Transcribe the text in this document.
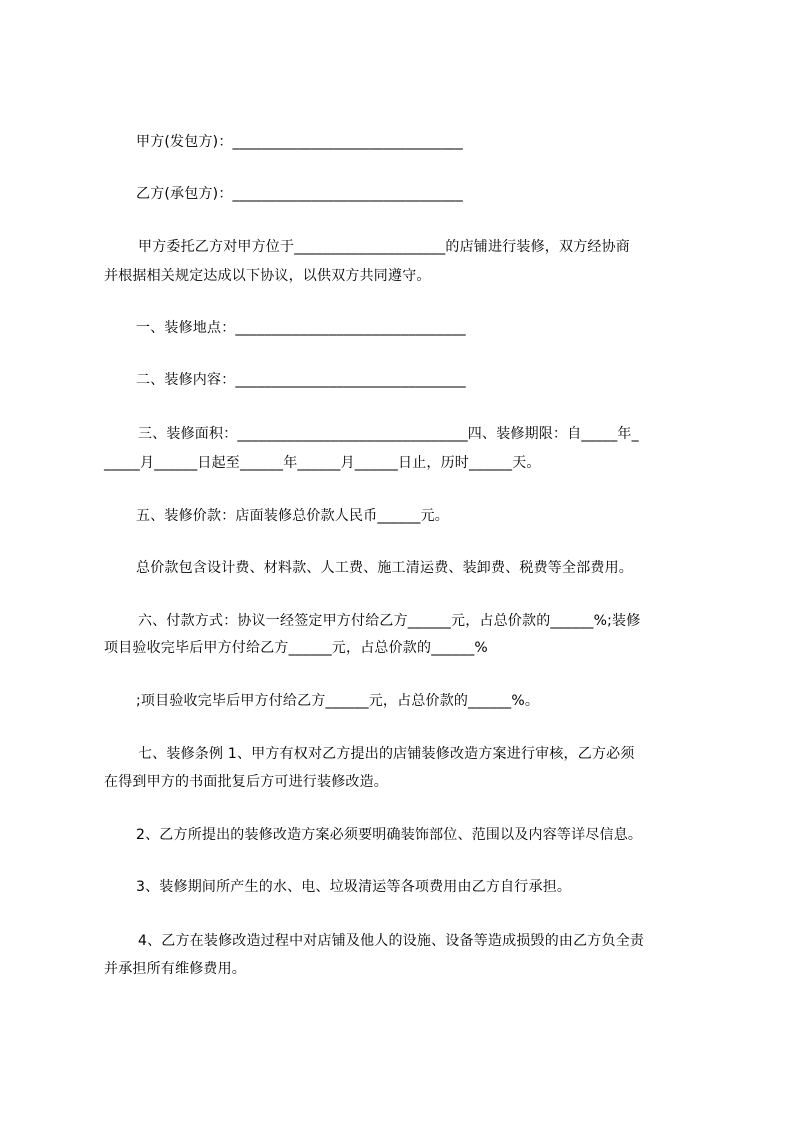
甲方(发包方)：________________________________
乙方(承包方)：________________________________
甲方委托乙方对甲方位于_____________________的店铺进行装修，双方经协商
并根据相关规定达成以下协议，以供双方共同遵守。
一、装修地点：________________________________
二、装修内容：________________________________
三、装修面积：________________________________四、装修期限：自_____年_
_____月______日起至______年______月______日止，历时______天。
五、装修价款：店面装修总价款人民币______元。
总价款包含设计费、材料款、人工费、施工清运费、装卸费、税费等全部费用。
六、付款方式：协议一经签定甲方付给乙方______元，占总价款的______%;装修
项目验收完毕后甲方付给乙方______元，占总价款的______%
;项目验收完毕后甲方付给乙方______元，占总价款的______%。
七、装修条例 1、甲方有权对乙方提出的店铺装修改造方案进行审核，乙方必须
在得到甲方的书面批复后方可进行装修改造。
2、乙方所提出的装修改造方案必须要明确装饰部位、范围以及内容等详尽信息。
3、装修期间所产生的水、电、垃圾清运等各项费用由乙方自行承担。
4、乙方在装修改造过程中对店铺及他人的设施、设备等造成损毁的由乙方负全责
并承担所有维修费用。
